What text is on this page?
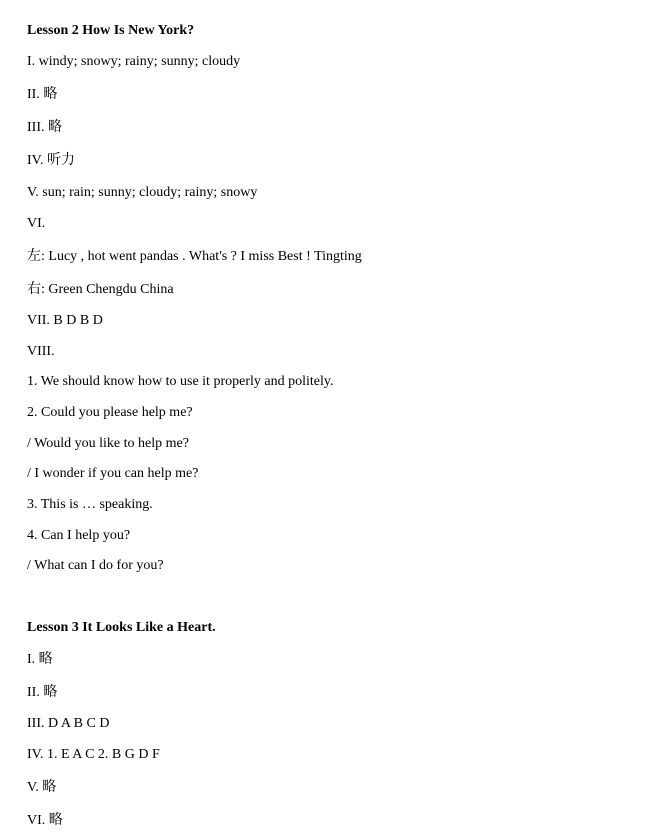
Lesson 2 How Is New York?
I. windy; snowy; rainy; sunny; cloudy
II. 略
III. 略
IV. 听力
V. sun; rain; sunny; cloudy; rainy; snowy
VI.
左: Lucy , hot went pandas . What's ? I miss Best ! Tingting
右: Green Chengdu China
VII. B D B D
VIII.
1. We should know how to use it properly and politely.
2. Could you please help me?
/ Would you like to help me?
/ I wonder if you can help me?
3. This is … speaking.
4. Can I help you?
/ What can I do for you?
Lesson 3 It Looks Like a Heart.
I. 略
II. 略
III. D A B C D
IV. 1. E A C 2. B G D F
V. 略
VI. 略
